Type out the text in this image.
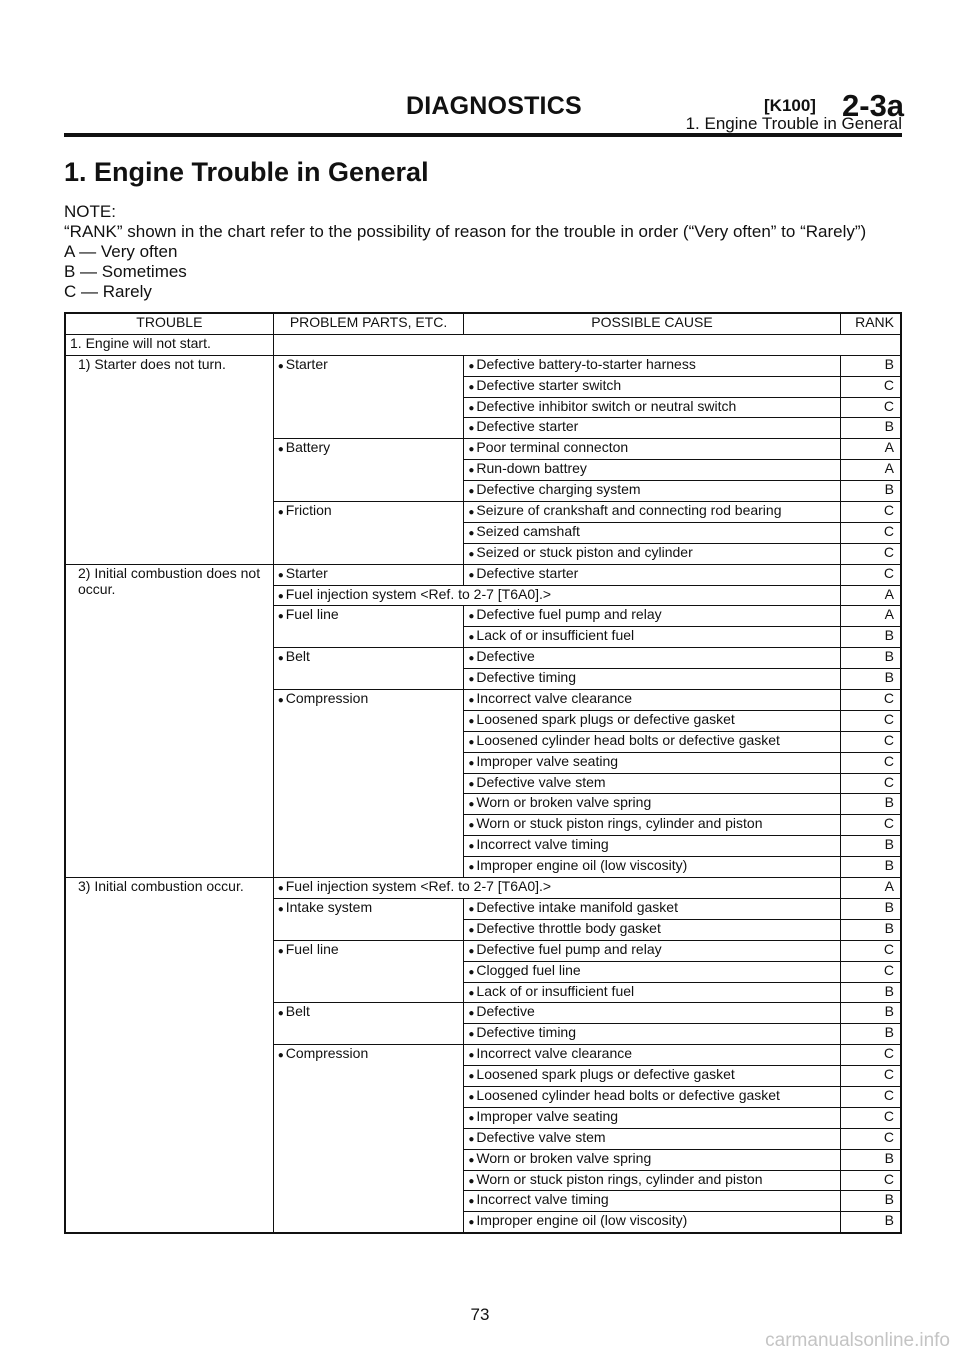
DIAGNOSTICS	[K100] 2-3a
1. Engine Trouble in General
1. Engine Trouble in General
NOTE:
“RANK” shown in the chart refer to the possibility of reason for the trouble in order (“Very often” to “Rarely”)
A — Very often
B — Sometimes
C — Rarely
TROUBLE	PROBLEM PARTS, ETC.	POSSIBLE CAUSE	RANK
1. Engine will not start.			
1) Starter does not turn.	● Starter	● Defective battery-to-starter harness	B
		● Defective starter switch	C
		● Defective inhibitor switch or neutral switch	C
		● Defective starter	B
	● Battery	● Poor terminal connecton	A
		● Run-down battrey	A
		● Defective charging system	B
	● Friction	● Seizure of crankshaft and connecting rod bearing	C
		● Seized camshaft	C
		● Seized or stuck piston and cylinder	C
2) Initial combustion does not occur.	● Starter	● Defective starter	C
	● Fuel injection system <Ref. to 2-7 [T6A0].>		A
	● Fuel line	● Defective fuel pump and relay	A
		● Lack of or insufficient fuel	B
	● Belt	● Defective	B
		● Defective timing	B
	● Compression	● Incorrect valve clearance	C
		● Loosened spark plugs or defective gasket	C
		● Loosened cylinder head bolts or defective gasket	C
		● Improper valve seating	C
		● Defective valve stem	C
		● Worn or broken valve spring	B
		● Worn or stuck piston rings, cylinder and piston	C
		● Incorrect valve timing	B
		● Improper engine oil (low viscosity)	B
3) Initial combustion occur.	● Fuel injection system <Ref. to 2-7 [T6A0].>		A
	● Intake system	● Defective intake manifold gasket	B
		● Defective throttle body gasket	B
	● Fuel line	● Defective fuel pump and relay	C
		● Clogged fuel line	C
		● Lack of or insufficient fuel	B
	● Belt	● Defective	B
		● Defective timing	B
	● Compression	● Incorrect valve clearance	C
		● Loosened spark plugs or defective gasket	C
		● Loosened cylinder head bolts or defective gasket	C
		● Improper valve seating	C
		● Defective valve stem	C
		● Worn or broken valve spring	B
		● Worn or stuck piston rings, cylinder and piston	C
		● Incorrect valve timing	B
		● Improper engine oil (low viscosity)	B
73
carmanualsonline.info
